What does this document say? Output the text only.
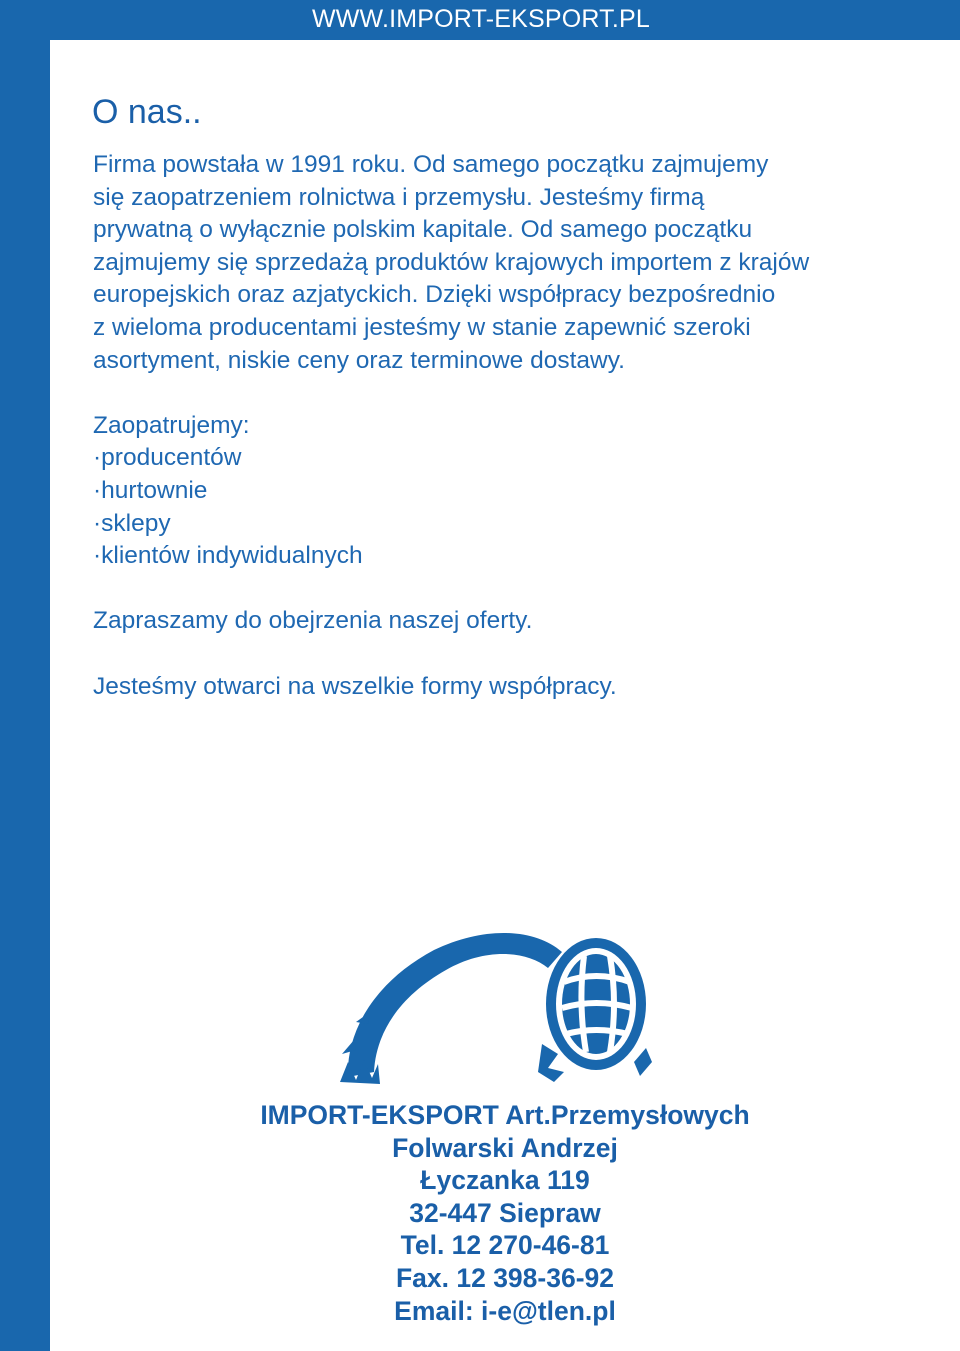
WWW.IMPORT-EKSPORT.PL
O nas..

Firma powstała w 1991 roku. Od samego początku zajmujemy

się zaopatrzeniem rolnictwa i przemysłu. Jesteśmy firmą

prywatną o wyłącznie polskim kapitale. Od samego początku

zajmujemy się sprzedażą produktów krajowych importem z krajów

europejskich oraz azjatyckich. Dzięki współpracy bezpośrednio

z wieloma producentami jesteśmy w stanie zapewnić szeroki

asortyment, niskie ceny oraz terminowe dostawy.

Zaopatrujemy:

·producentów
·hurtownie
·sklepy
·klientów indywidualnych

Zapraszamy do obejrzenia naszej oferty.

Jesteśmy otwarci na wszelkie formy współpracy.

IMPORT-EKSPORT Art.Przemysłowych
Folwarski Andrzej
Łyczanka 119
32-447 Siepraw
Tel. 12 270-46-81
Fax. 12 398-36-92
Email: i-e@tlen.pl
